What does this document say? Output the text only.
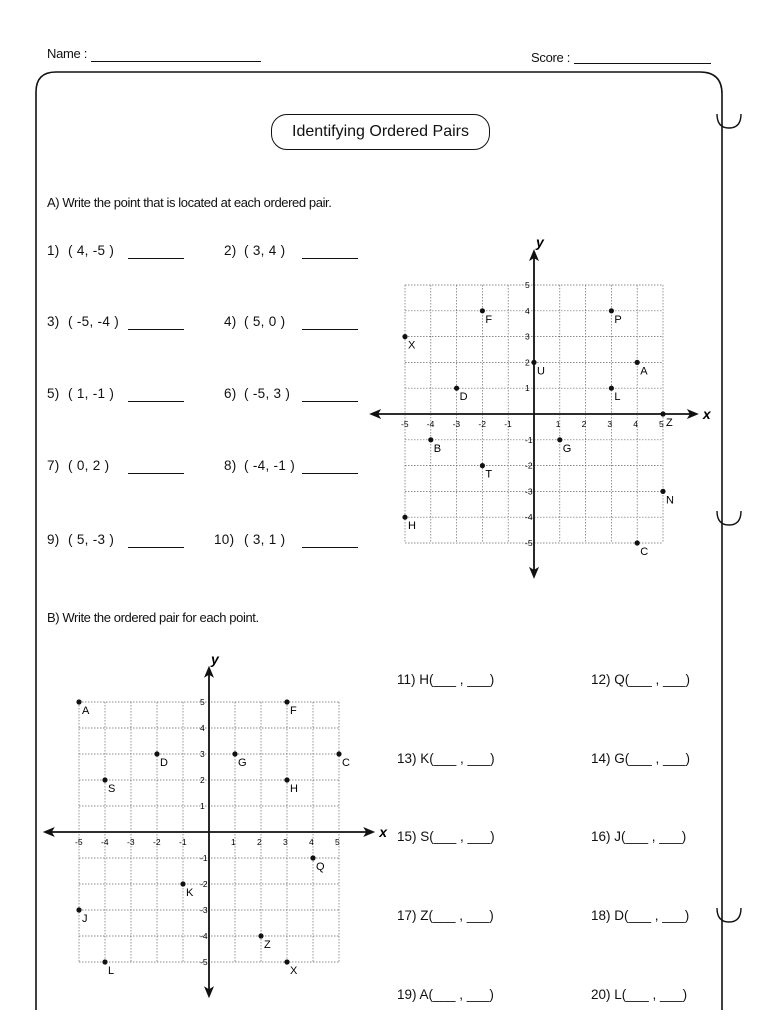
Name :	Score :
Identifying Ordered Pairs
A) Write the point that is located at each ordered pair.
1) ( 4, -5 )	2) ( 3, 4 )
3) ( -5, -4 )	4) ( 5, 0 )
5) ( 1, -1 )	6) ( -5, 3 )
7) ( 0, 2 )	8) ( -4, -1 )
9) ( 5, -3 )	10) ( 3, 1 )
x
y
-5 -4 -3 -2 -1	1 2 3 4 5
-5
-4
-3
-2
-1
1
2
3
4
5
F	P
X
U	A
D	L
Z
B	G
T
N
H
C
B) Write the ordered pair for each point.
x
y
-5 -4 -3 -2 -1	1	2	3	4	5
-5
-4
-3
-2
-1
1
2
3
4
5
A	F
D	G	C
S	H
Q
K
J
Z
L	X
11) H(___ , ___)	12) Q(___ , ___)
13) K(___ , ___)	14) G(___ , ___)
15) S(___ , ___)	16) J(___ , ___)
17) Z(___ , ___)	18) D(___ , ___)
19) A(___ , ___)	20) L(___ , ___)
